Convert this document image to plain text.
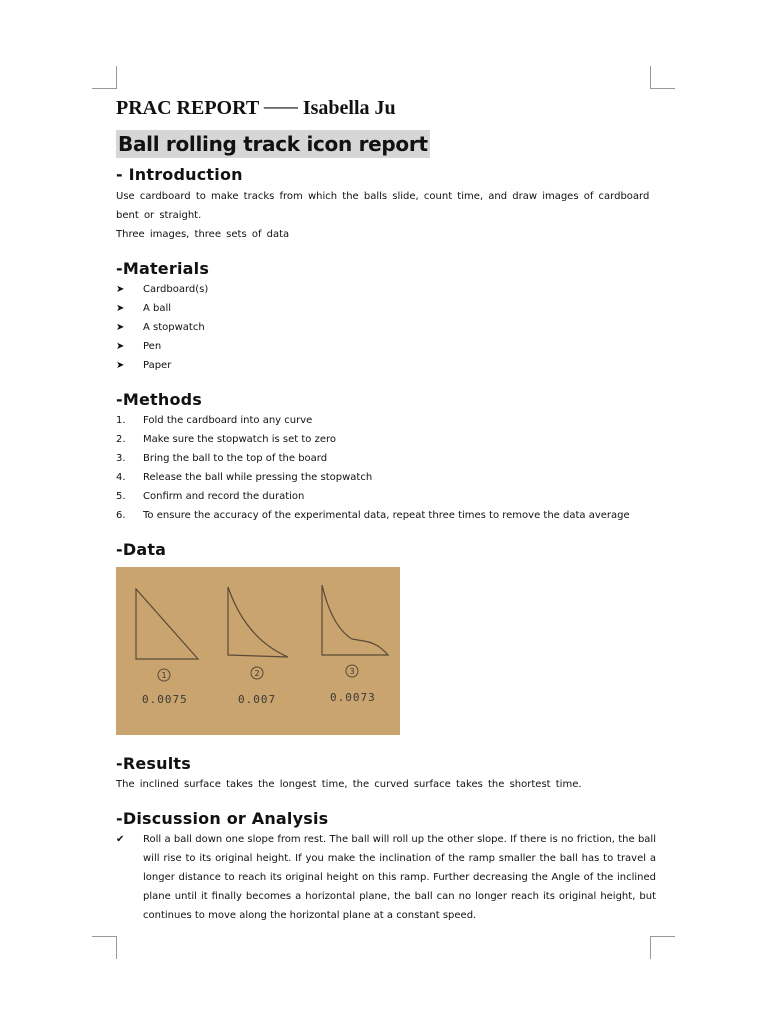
PRAC REPORT —— Isabella Ju
Ball rolling track icon report
- Introduction

Use cardboard to make tracks from which the balls slide, count time, and draw images of cardboard bent or straight.

Three images, three sets of data

-Materials
➤ Cardboard(s)
➤ A ball
➤ A stopwatch
➤ Pen
➤ Paper
-Methods
1. Fold the cardboard into any curve
2. Make sure the stopwatch is set to zero
3. Bring the ball to the top of the board
4. Release the ball while pressing the stopwatch
5. Confirm and record the duration
6. To ensure the accuracy of the experimental data, repeat three times to remove the data average
-Data
1	2	3
0.0075	0.007	0.0073
-Results

The inclined surface takes the longest time, the curved surface takes the shortest time.

-Discussion or Analysis

✔ Roll a ball down one slope from rest. The ball will roll up the other slope. If there is no friction, the ball will rise to its original height. If you make the inclination of the ramp smaller the ball has to travel a longer distance to reach its original height on this ramp. Further decreasing the Angle of the inclined plane until it finally becomes a horizontal plane, the ball can no longer reach its original height, but continues to move along the horizontal plane at a constant speed.
